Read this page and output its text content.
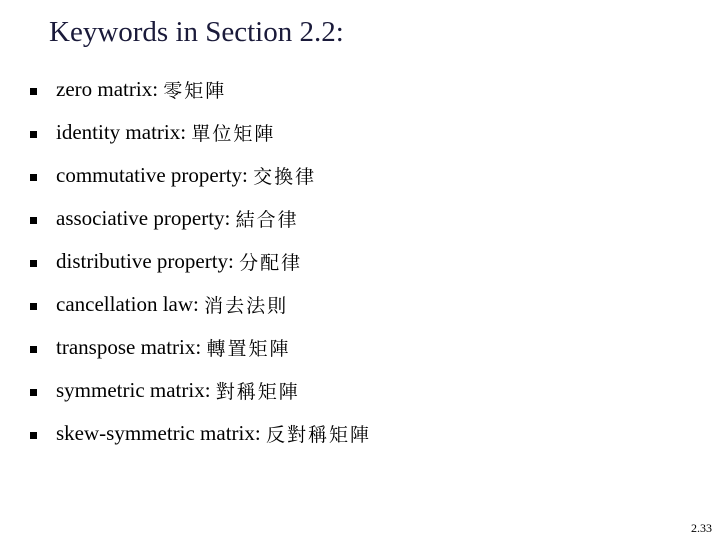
Keywords in Section 2.2:
zero matrix:
零矩陣
identity matrix:
單位矩陣
commutative property:
交換律
associative property:
結合律
distributive property:
分配律
cancellation law:
消去法則
transpose matrix:
轉置矩陣
symmetric matrix:
對稱矩陣
skew-symmetric matrix:
反對稱矩陣
2.33
